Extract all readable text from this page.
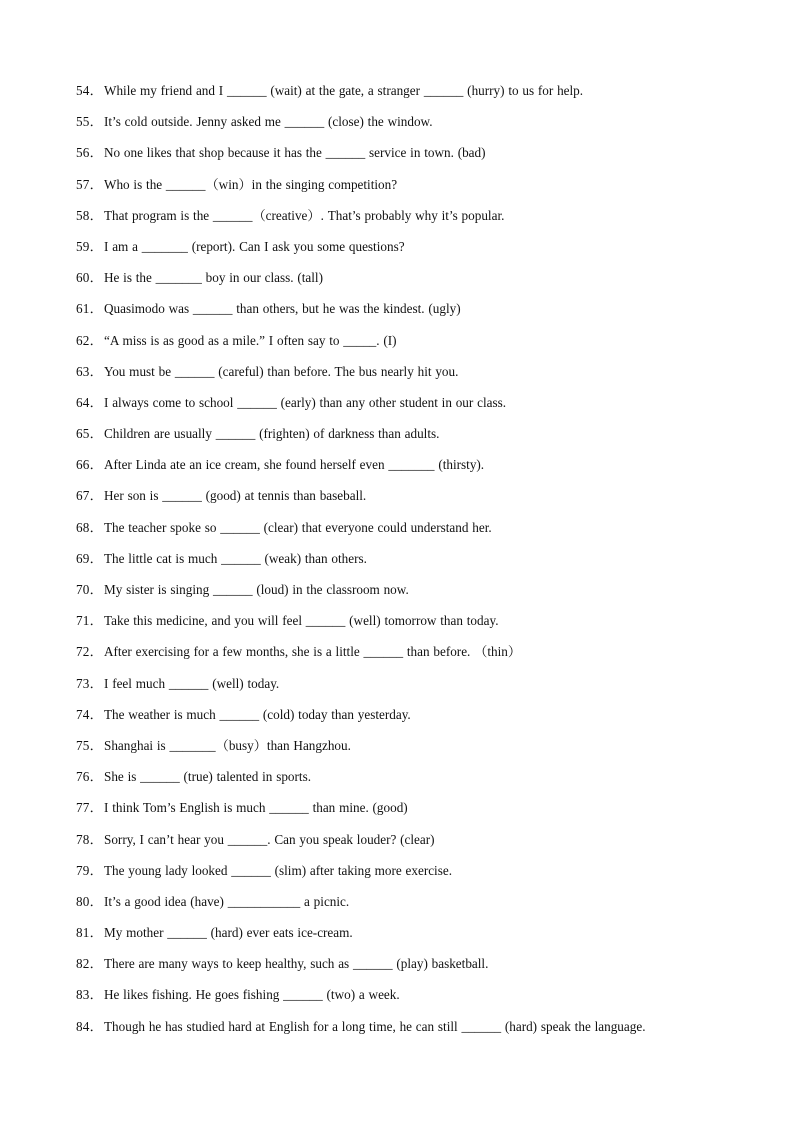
54． While my friend and I ______ (wait) at the gate, a stranger ______ (hurry) to us for help.
55． It’s cold outside. Jenny asked me ______ (close) the window.
56． No one likes that shop because it has the ______ service in town. (bad)
57． Who is the ______（win）in the singing competition?
58． That program is the ______（creative）. That’s probably why it’s popular.
59． I am a _______ (report). Can I ask you some questions?
60． He is the _______ boy in our class. (tall)
61． Quasimodo was ______ than others, but he was the kindest. (ugly)
62． “A miss is as good as a mile.” I often say to _____. (I)
63． You must be ______ (careful) than before. The bus nearly hit you.
64． I always come to school ______ (early) than any other student in our class.
65． Children are usually ______ (frighten) of darkness than adults.
66． After Linda ate an ice cream, she found herself even _______ (thirsty).
67． Her son is ______ (good) at tennis than baseball.
68． The teacher spoke so ______ (clear) that everyone could understand her.
69． The little cat is much ______ (weak) than others.
70． My sister is singing ______ (loud) in the classroom now.
71． Take this medicine, and you will feel ______ (well) tomorrow than today.
72． After exercising for a few months, she is a little ______ than before. （thin）
73． I feel much ______ (well) today.
74． The weather is much ______ (cold) today than yesterday.
75． Shanghai is _______（busy）than Hangzhou.
76． She is ______ (true) talented in sports.
77． I think Tom’s English is much ______ than mine. (good)
78． Sorry, I can’t hear you ______. Can you speak louder? (clear)
79． The young lady looked ______ (slim) after taking more exercise.
80． It’s a good idea (have) ___________ a picnic.
81． My mother ______ (hard) ever eats ice-cream.
82． There are many ways to keep healthy, such as ______ (play) basketball.
83． He likes fishing. He goes fishing ______ (two) a week.
84． Though he has studied hard at English for a long time, he can still ______ (hard) speak the language.
